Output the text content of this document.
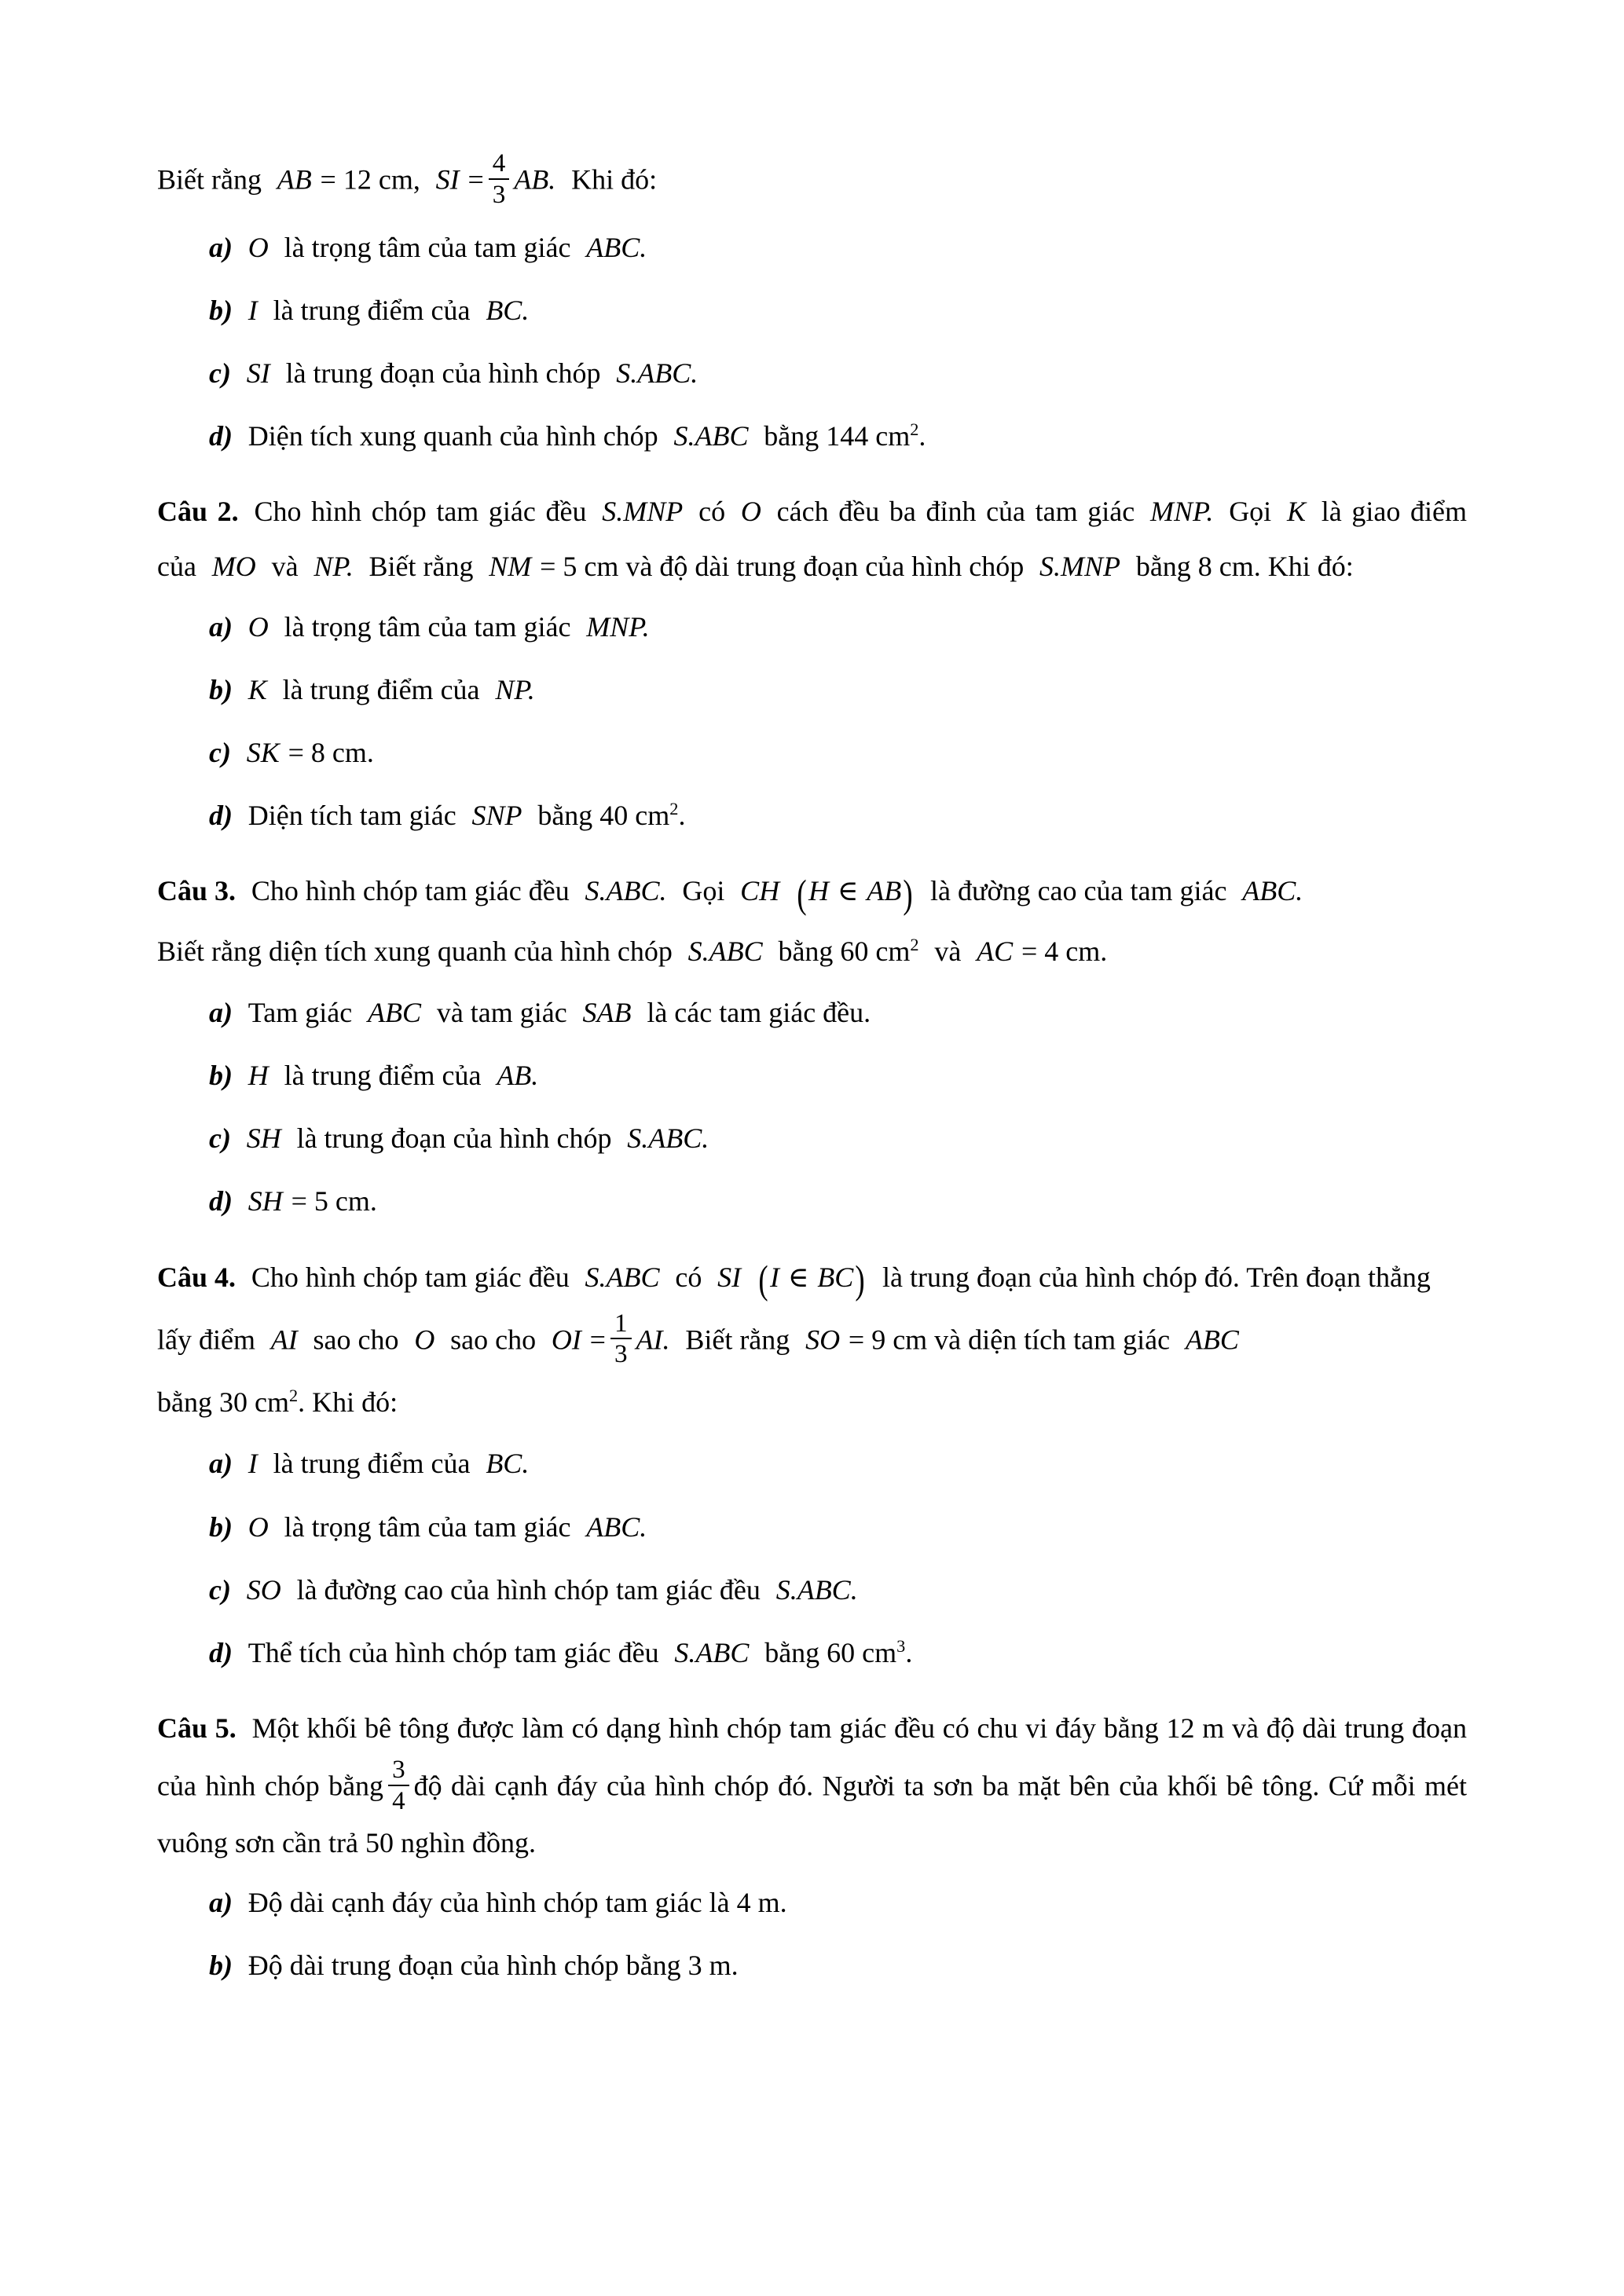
Biết rằng AB = 12 cm, SI = $\frac{4}{3}$ AB. Khi đó:

a) O là trọng tâm của tam giác ABC.
b) I là trung điểm của BC.
c) SI là trung đoạn của hình chóp S.ABC.
d) Diện tích xung quanh của hình chóp S.ABC bằng 144 $cm^2$.

Câu 2. Cho hình chóp tam giác đều S.MNP có O cách đều ba đỉnh của tam giác MNP. Gọi K là giao điểm của MO và NP. Biết rằng NM = 5 cm và độ dài trung đoạn của hình chóp S.MNP bằng 8 cm. Khi đó:

a) O là trọng tâm của tam giác MNP.
b) K là trung điểm của NP.
c) SK = 8 cm.
d) Diện tích tam giác SNP bằng 40 $cm^2$.

Câu 3. Cho hình chóp tam giác đều S.ABC. Gọi CH (H ∈ AB) là đường cao của tam giác ABC.

Biết rằng diện tích xung quanh của hình chóp S.ABC bằng 60 $cm^2$ và AC = 4 cm.

a) Tam giác ABC và tam giác SAB là các tam giác đều.
b) H là trung điểm của AB.
c) SH là trung đoạn của hình chóp S.ABC.
d) SH = 5 cm.

Câu 4. Cho hình chóp tam giác đều S.ABC có SI (I ∈ BC) là trung đoạn của hình chóp đó. Trên đoạn thẳng

lấy điểm AI sao cho O sao cho OI = $\frac{1}{3}$ AI. Biết rằng SO = 9 cm và diện tích tam giác ABC

bằng 30 $cm^2$. Khi đó:

a) I là trung điểm của BC.
b) O là trọng tâm của tam giác ABC.
c) SO là đường cao của hình chóp tam giác đều S.ABC.
d) Thể tích của hình chóp tam giác đều S.ABC bằng 60 $cm^3$.

Câu 5. Một khối bê tông được làm có dạng hình chóp tam giác đều có chu vi đáy bằng 12 m và độ dài trung đoạn của hình chóp bằng $\frac{3}{4}$ độ dài cạnh đáy của hình chóp đó. Người ta sơn ba mặt bên của khối bê tông. Cứ mỗi mét vuông sơn cần trả 50 nghìn đồng.

a) Độ dài cạnh đáy của hình chóp tam giác là 4 m.
b) Độ dài trung đoạn của hình chóp bằng 3 m.
